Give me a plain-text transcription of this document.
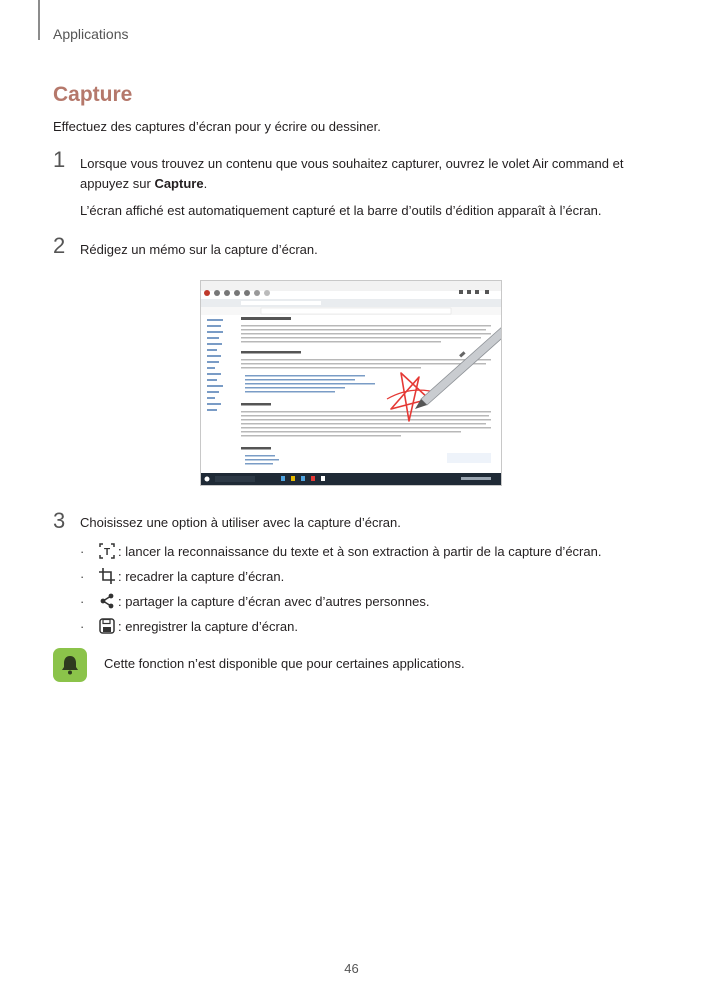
Applications
Capture
Effectuez des captures d’écran pour y écrire ou dessiner.
1 Lorsque vous trouvez un contenu que vous souhaitez capturer, ouvrez le volet Air command et appuyez sur Capture.
L’écran affiché est automatiquement capturé et la barre d’outils d’édition apparaît à l’écran.
2 Rédigez un mémo sur la capture d’écran.
3 Choisissez une option à utiliser avec la capture d’écran.
·	T : lancer la reconnaissance du texte et à son extraction à partir de la capture d’écran.
·	: recadrer la capture d’écran.
·	: partager la capture d’écran avec d’autres personnes.
·	: enregistrer la capture d’écran.
Cette fonction n’est disponible que pour certaines applications.
46
